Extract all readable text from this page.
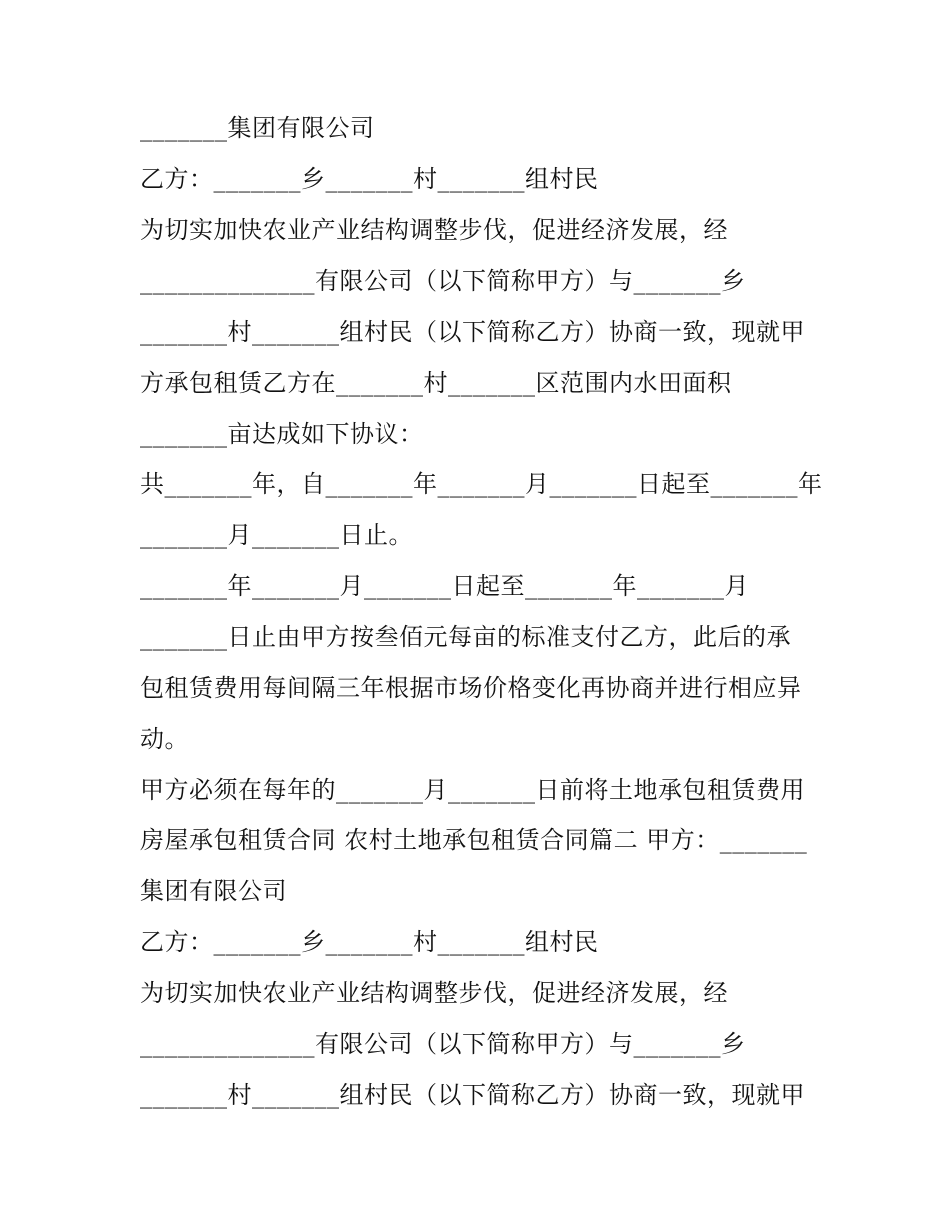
_______集团有限公司
乙方：_______乡_______村_______组村民
为切实加快农业产业结构调整步伐，促进经济发展，经
______________有限公司（以下简称甲方）与_______乡
_______村_______组村民（以下简称乙方）协商一致，现就甲
方承包租赁乙方在_______村_______区范围内水田面积
_______亩达成如下协议：
共_______年，自_______年_______月_______日起至_______年
_______月_______日止。
_______年_______月_______日起至_______年_______月
_______日止由甲方按叁佰元每亩的标准支付乙方，此后的承
包租赁费用每间隔三年根据市场价格变化再协商并进行相应异
动。
甲方必须在每年的_______月_______日前将土地承包租赁费用
房屋承包租赁合同 农村土地承包租赁合同篇二 甲方：_______
集团有限公司
乙方：_______乡_______村_______组村民
为切实加快农业产业结构调整步伐，促进经济发展，经
______________有限公司（以下简称甲方）与_______乡
_______村_______组村民（以下简称乙方）协商一致，现就甲
